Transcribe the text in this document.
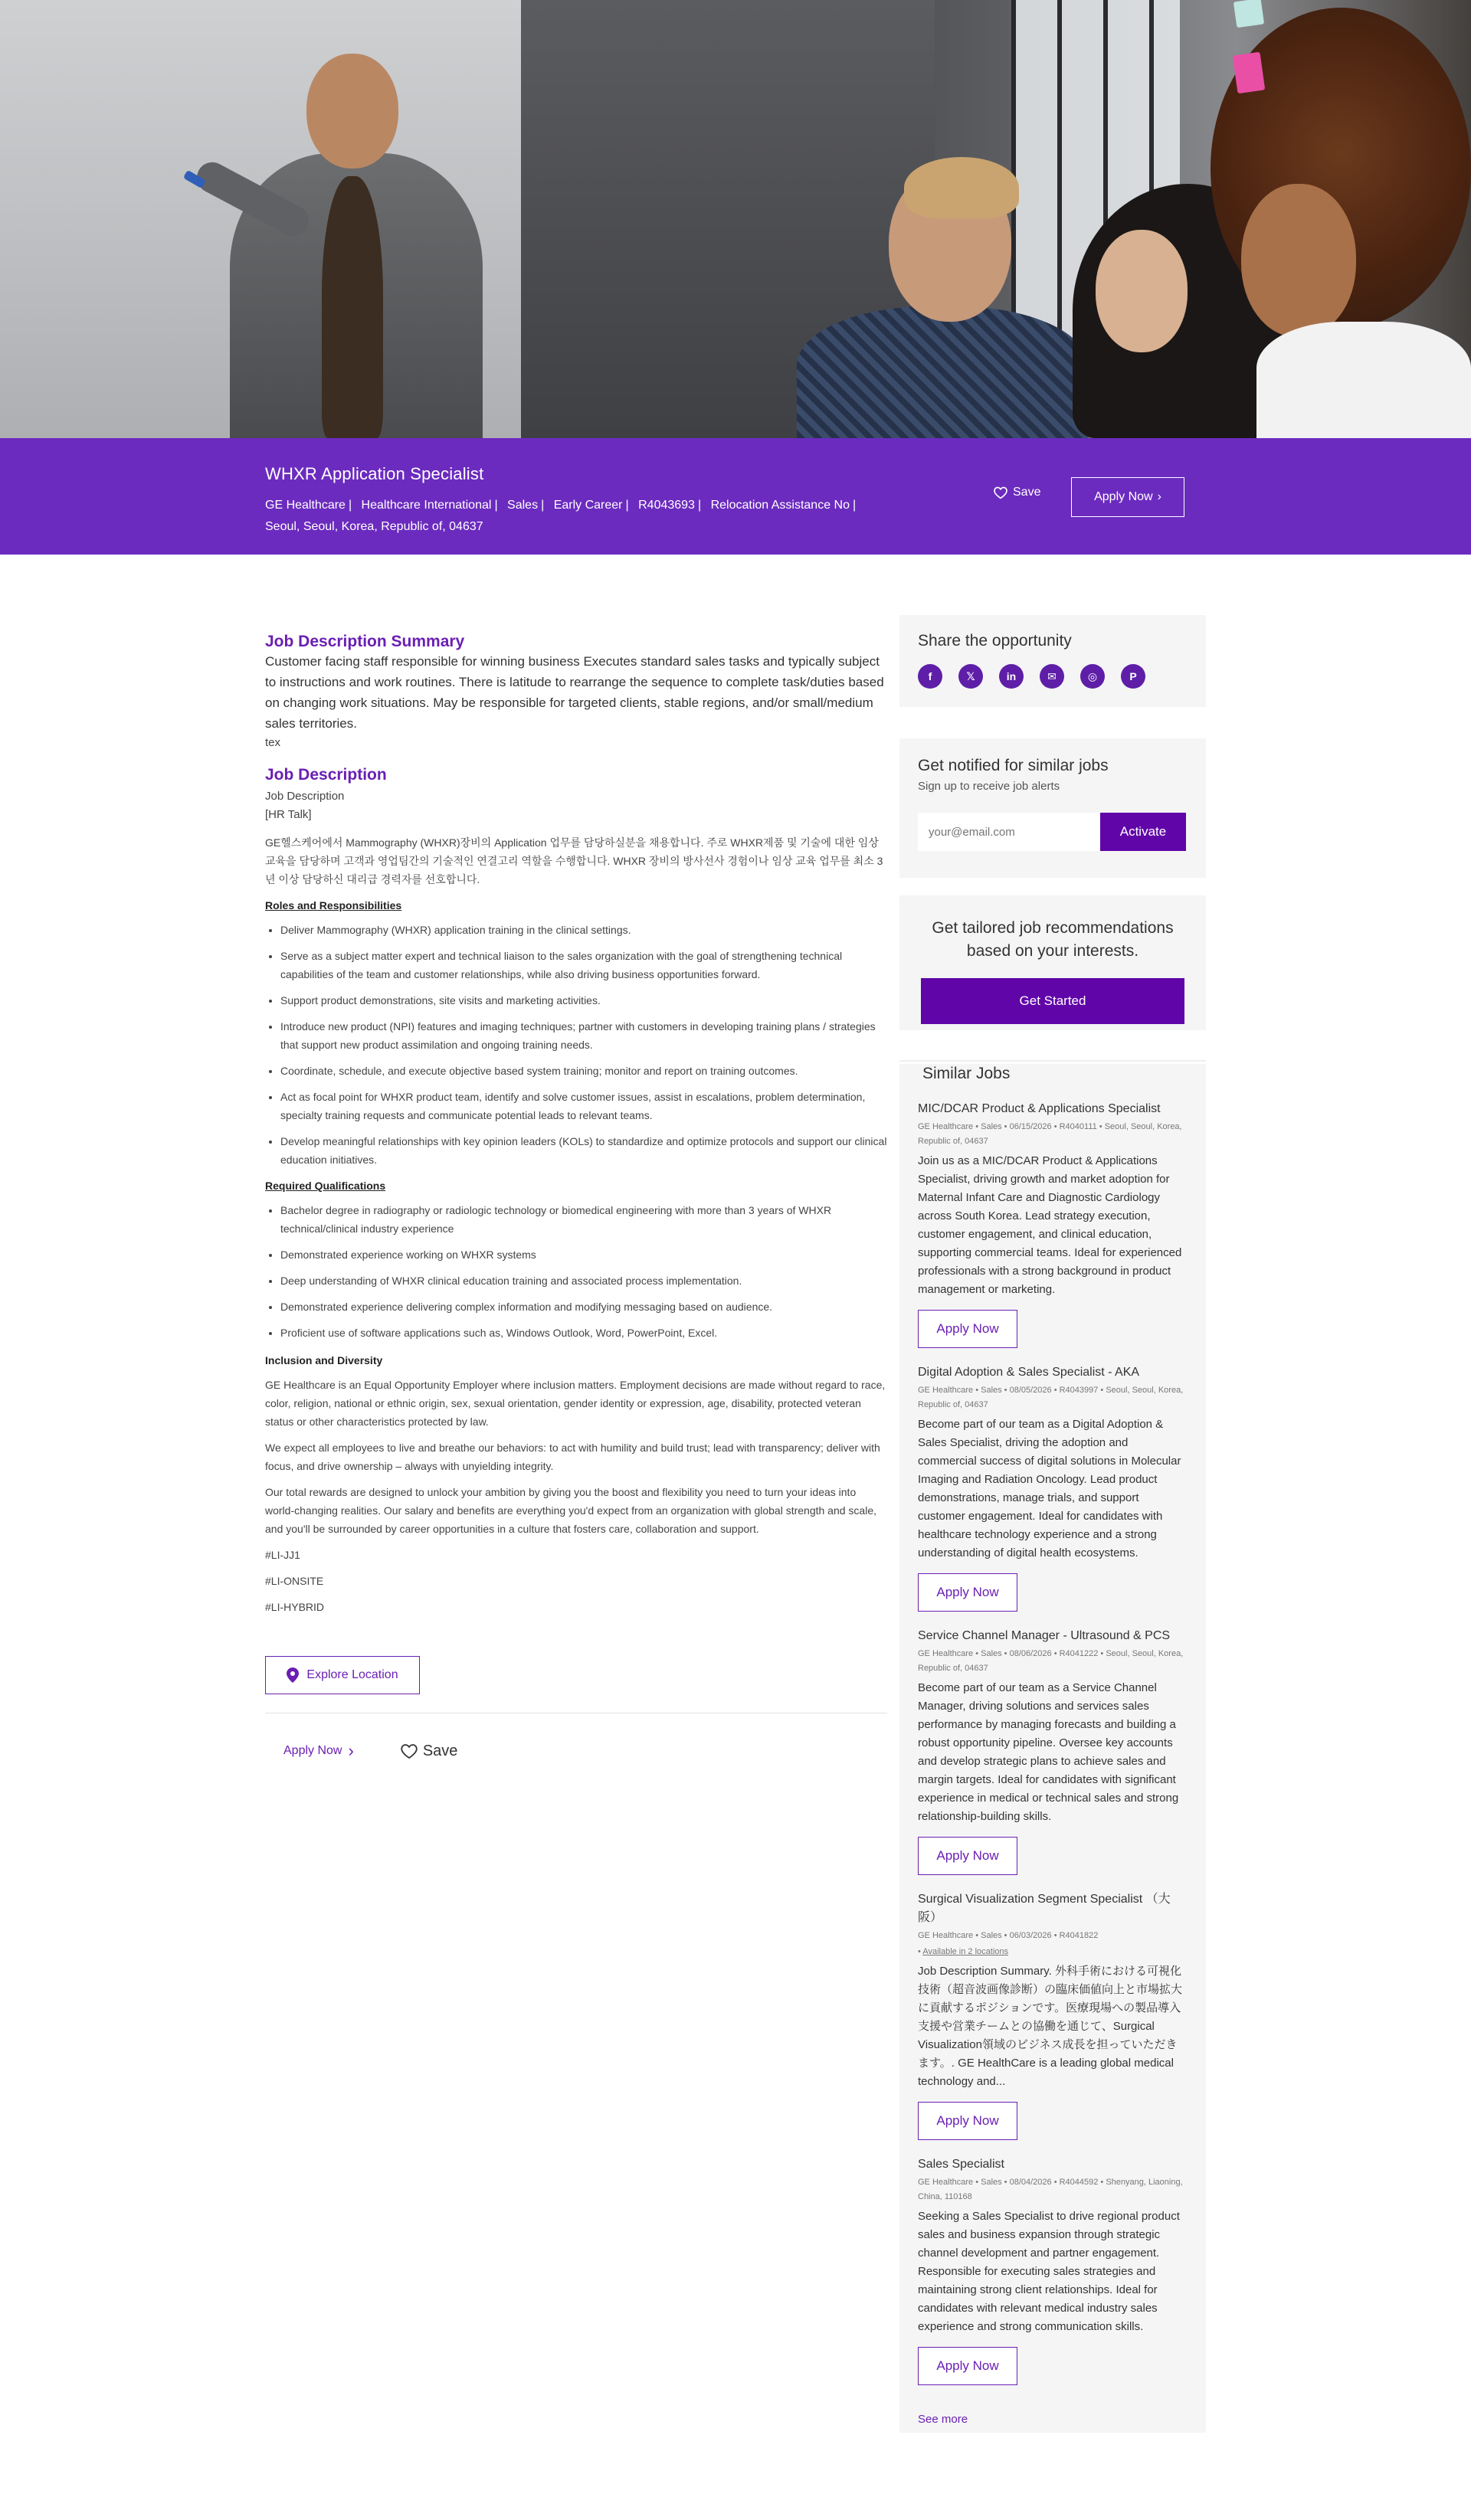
WHXR Application Specialist
GE Healthcare | Healthcare International | Sales | Early Career | R4043693 | Relocation Assistance No | Seoul, Seoul, Korea, Republic of, 04637
Save	Apply Now ›
Job Description Summary
Customer facing staff responsible for winning business Executes standard sales tasks and typically subject to instructions and work routines. There is latitude to rearrange the sequence to complete task/duties based on changing work situations. May be responsible for targeted clients, stable regions, and/or small/medium sales territories.
tex
Job Description
Job Description
[HR Talk]
GE헬스케어에서 Mammography (WHXR)장비의 Application 업무를 담당하실분을 채용합니다. 주로 WHXR제품 및 기술에 대한 임상 교육을 담당하며 고객과 영업팀간의 기술적인 연결고리 역할을 수행합니다. WHXR 장비의 방사선사 경험이나 임상 교육 업무를 최소 3년 이상 담당하신 대리급 경력자를 선호합니다.
Roles and Responsibilities
• Deliver Mammography (WHXR) application training in the clinical settings.
• Serve as a subject matter expert and technical liaison to the sales organization with the goal of strengthening technical capabilities of the team and customer relationships, while also driving business opportunities forward.
• Support product demonstrations, site visits and marketing activities.
• Introduce new product (NPI) features and imaging techniques; partner with customers in developing training plans / strategies that support new product assimilation and ongoing training needs.
• Coordinate, schedule, and execute objective based system training; monitor and report on training outcomes.
• Act as focal point for WHXR product team, identify and solve customer issues, assist in escalations, problem determination, specialty training requests and communicate potential leads to relevant teams.
• Develop meaningful relationships with key opinion leaders (KOLs) to standardize and optimize protocols and support our clinical education initiatives.
Required Qualifications
• Bachelor degree in radiography or radiologic technology or biomedical engineering with more than 3 years of WHXR technical/clinical industry experience
• Demonstrated experience working on WHXR systems
• Deep understanding of WHXR clinical education training and associated process implementation.
• Demonstrated experience delivering complex information and modifying messaging based on audience.
• Proficient use of software applications such as, Windows Outlook, Word, PowerPoint, Excel.
Inclusion and Diversity
GE Healthcare is an Equal Opportunity Employer where inclusion matters. Employment decisions are made without regard to race, color, religion, national or ethnic origin, sex, sexual orientation, gender identity or expression, age, disability, protected veteran status or other characteristics protected by law.
We expect all employees to live and breathe our behaviors: to act with humility and build trust; lead with transparency; deliver with focus, and drive ownership – always with unyielding integrity.
Our total rewards are designed to unlock your ambition by giving you the boost and flexibility you need to turn your ideas into world-changing realities. Our salary and benefits are everything you'd expect from an organization with global strength and scale, and you'll be surrounded by career opportunities in a culture that fosters care, collaboration and support.
#LI-JJ1
#LI-ONSITE
#LI-HYBRID
Explore Location
Apply Now ›	Save
Share the opportunity
f	𝕏	in	✉	◎	P
Get notified for similar jobs
Sign up to receive job alerts
your@email.com
Activate
Get tailored job recommendations based on your interests.
Get Started
Similar Jobs
MIC/DCAR Product & Applications Specialist
GE Healthcare • Sales • 06/15/2026 • R4040111 • Seoul, Seoul, Korea, Republic of, 04637
Join us as a MIC/DCAR Product & Applications Specialist, driving growth and market adoption for Maternal Infant Care and Diagnostic Cardiology across South Korea. Lead strategy execution, customer engagement, and clinical education, supporting commercial teams. Ideal for experienced professionals with a strong background in product management or marketing.
Apply Now
Digital Adoption & Sales Specialist - AKA
GE Healthcare • Sales • 08/05/2026 • R4043997 • Seoul, Seoul, Korea, Republic of, 04637
Become part of our team as a Digital Adoption & Sales Specialist, driving the adoption and commercial success of digital solutions in Molecular Imaging and Radiation Oncology. Lead product demonstrations, manage trials, and support customer engagement. Ideal for candidates with healthcare technology experience and a strong understanding of digital health ecosystems.
Apply Now
Service Channel Manager - Ultrasound & PCS
GE Healthcare • Sales • 08/06/2026 • R4041222 • Seoul, Seoul, Korea, Republic of, 04637
Become part of our team as a Service Channel Manager, driving solutions and services sales performance by managing forecasts and building a robust opportunity pipeline. Oversee key accounts and develop strategic plans to achieve sales and margin targets. Ideal for candidates with significant experience in medical or technical sales and strong relationship-building skills.
Apply Now
Surgical Visualization Segment Specialist （大阪）
GE Healthcare • Sales • 06/03/2026 • R4041822
• Available in 2 locations
Job Description Summary. 外科手術における可視化技術（超音波画像診断）の臨床価値向上と市場拡大に貢献するポジションです。医療現場への製品導入支援や営業チームとの協働を通じて、Surgical Visualization領域のビジネス成長を担っていただきます。. GE HealthCare is a leading global medical technology and...
Apply Now
Sales Specialist
GE Healthcare • Sales • 08/04/2026 • R4044592 • Shenyang, Liaoning, China, 110168
Seeking a Sales Specialist to drive regional product sales and business expansion through strategic channel development and partner engagement. Responsible for executing sales strategies and maintaining strong client relationships. Ideal for candidates with relevant medical industry sales experience and strong communication skills.
Apply Now
See more
